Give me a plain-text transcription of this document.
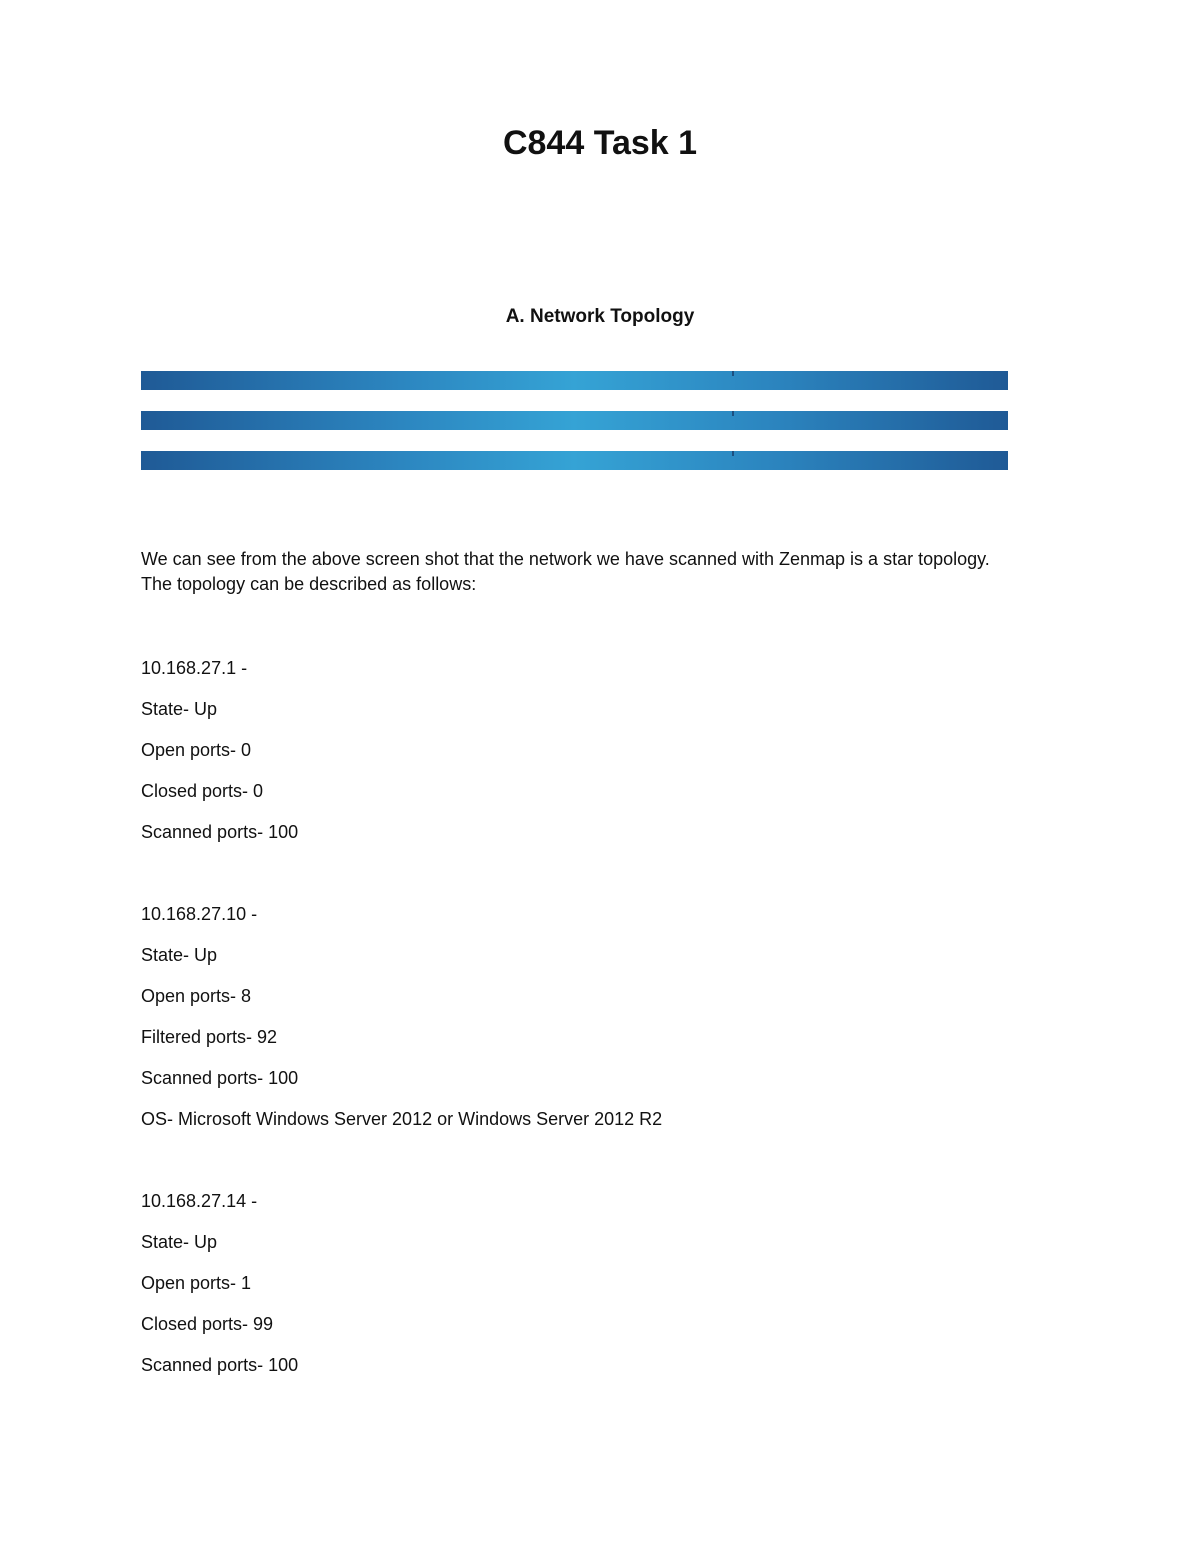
C844 Task 1
A. Network Topology

We can see from the above screen shot that the network we have scanned with Zenmap is a star topology. The topology can be described as follows:

10.168.27.1 -
State- Up
Open ports- 0
Closed ports- 0
Scanned ports- 100
10.168.27.10 -
State- Up
Open ports- 8
Filtered ports- 92
Scanned ports- 100
OS- Microsoft Windows Server 2012 or Windows Server 2012 R2
10.168.27.14 -
State- Up
Open ports- 1
Closed ports- 99
Scanned ports- 100
